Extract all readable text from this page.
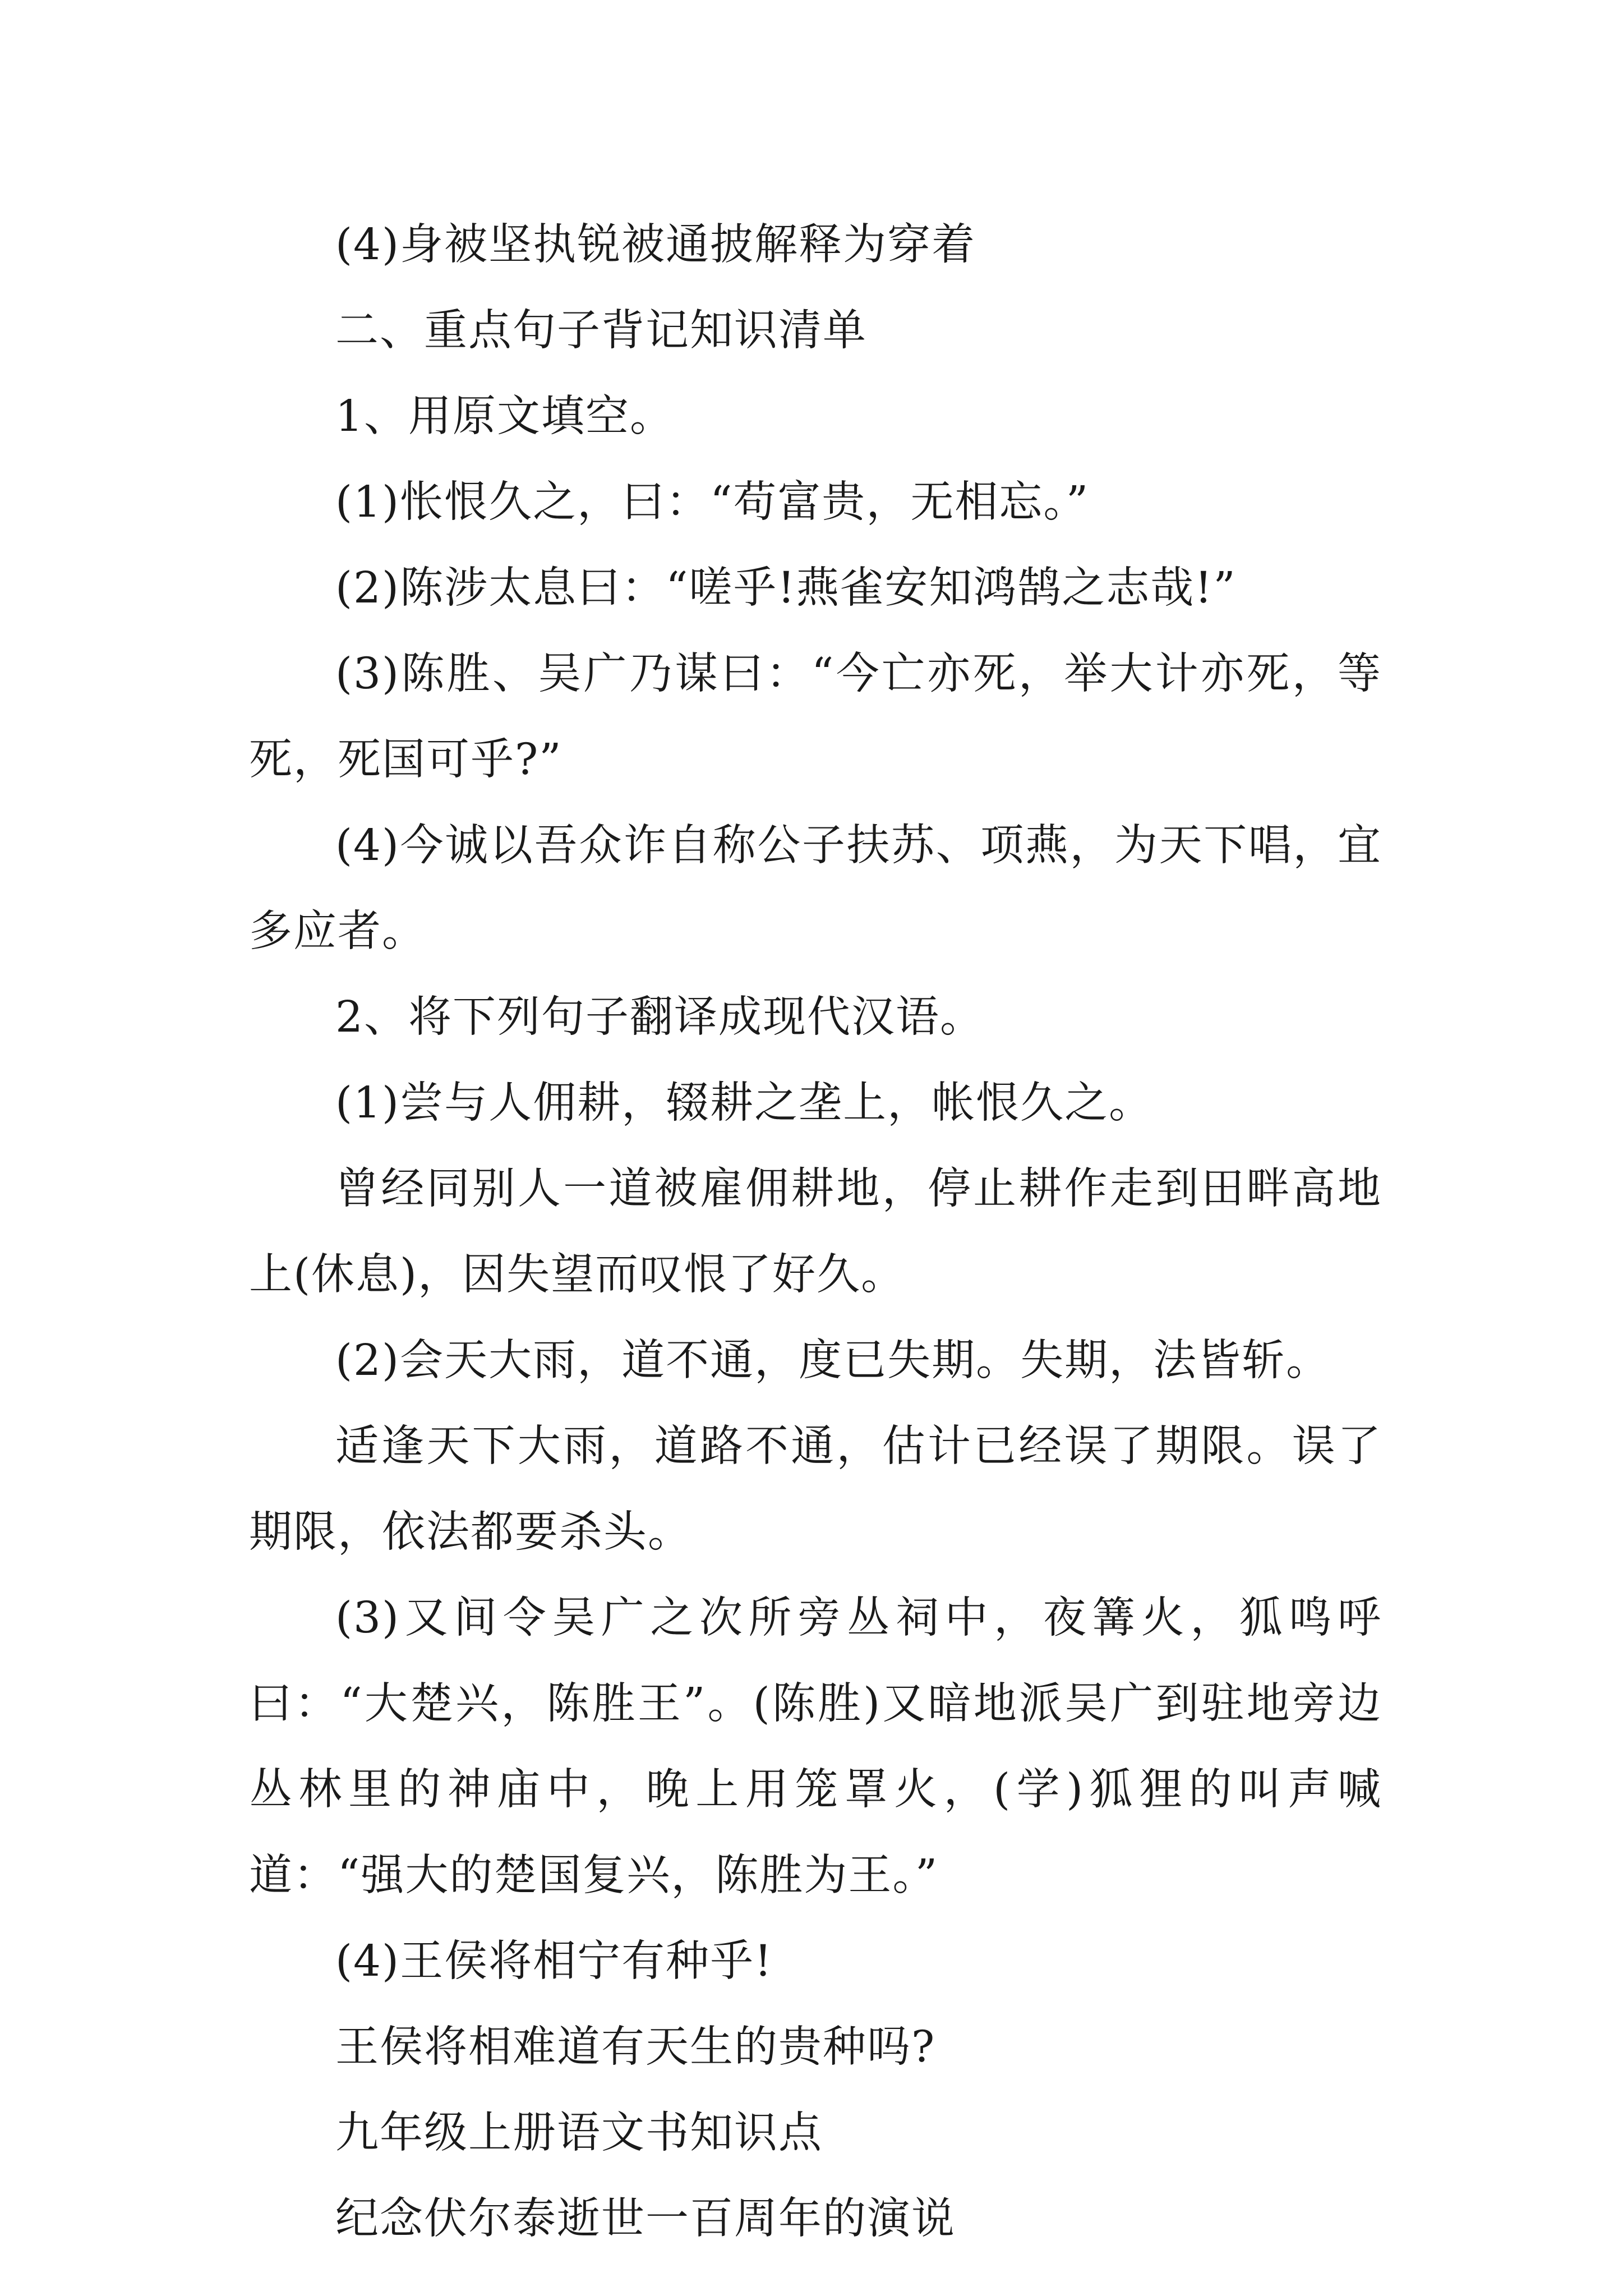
(4)身被坚执锐被通披解释为穿着

二、重点句子背记知识清单

1、用原文填空。

(1)怅恨久之，曰：“苟富贵，无相忘。”

(2)陈涉太息曰：“嗟乎!燕雀安知鸿鹄之志哉!”

(3)陈胜、吴广乃谋曰：“今亡亦死，举大计亦死，等死，死国可乎?”

(4)今诚以吾众诈自称公子扶苏、项燕，为天下唱，宜多应者。

2、将下列句子翻译成现代汉语。

(1)尝与人佣耕，辍耕之垄上，帐恨久之。

曾经同别人一道被雇佣耕地，停止耕作走到田畔高地上(休息)，因失望而叹恨了好久。

(2)会天大雨，道不通，度已失期。失期，法皆斩。

适逢天下大雨，道路不通，估计已经误了期限。误了期限，依法都要杀头。

(3)又间令吴广之次所旁丛祠中，夜篝火，狐鸣呼曰：“大楚兴，陈胜王”。(陈胜)又暗地派吴广到驻地旁边丛林里的神庙中，晚上用笼罩火，(学)狐狸的叫声喊道：“强大的楚国复兴，陈胜为王。”

(4)王侯将相宁有种乎!

王侯将相难道有天生的贵种吗?

九年级上册语文书知识点

纪念伏尔泰逝世一百周年的演说
